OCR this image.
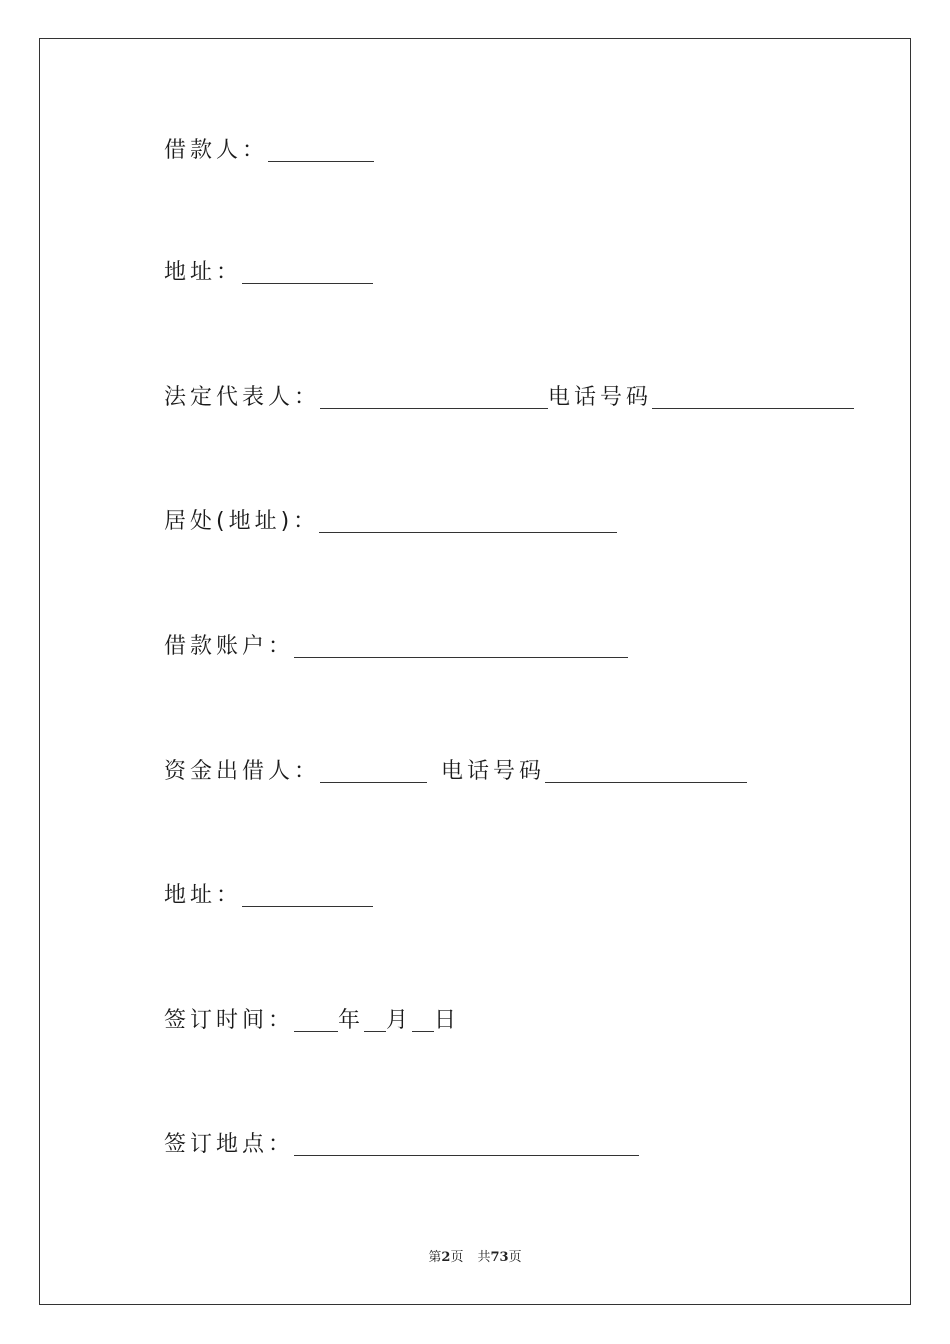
借款人：
地址：
法定代表人：	电话号码
居处(地址)：
借款账户：
资金出借人：	电话号码
地址：
签订时间： 年 月 日
签订地点：
第2页 共73页
